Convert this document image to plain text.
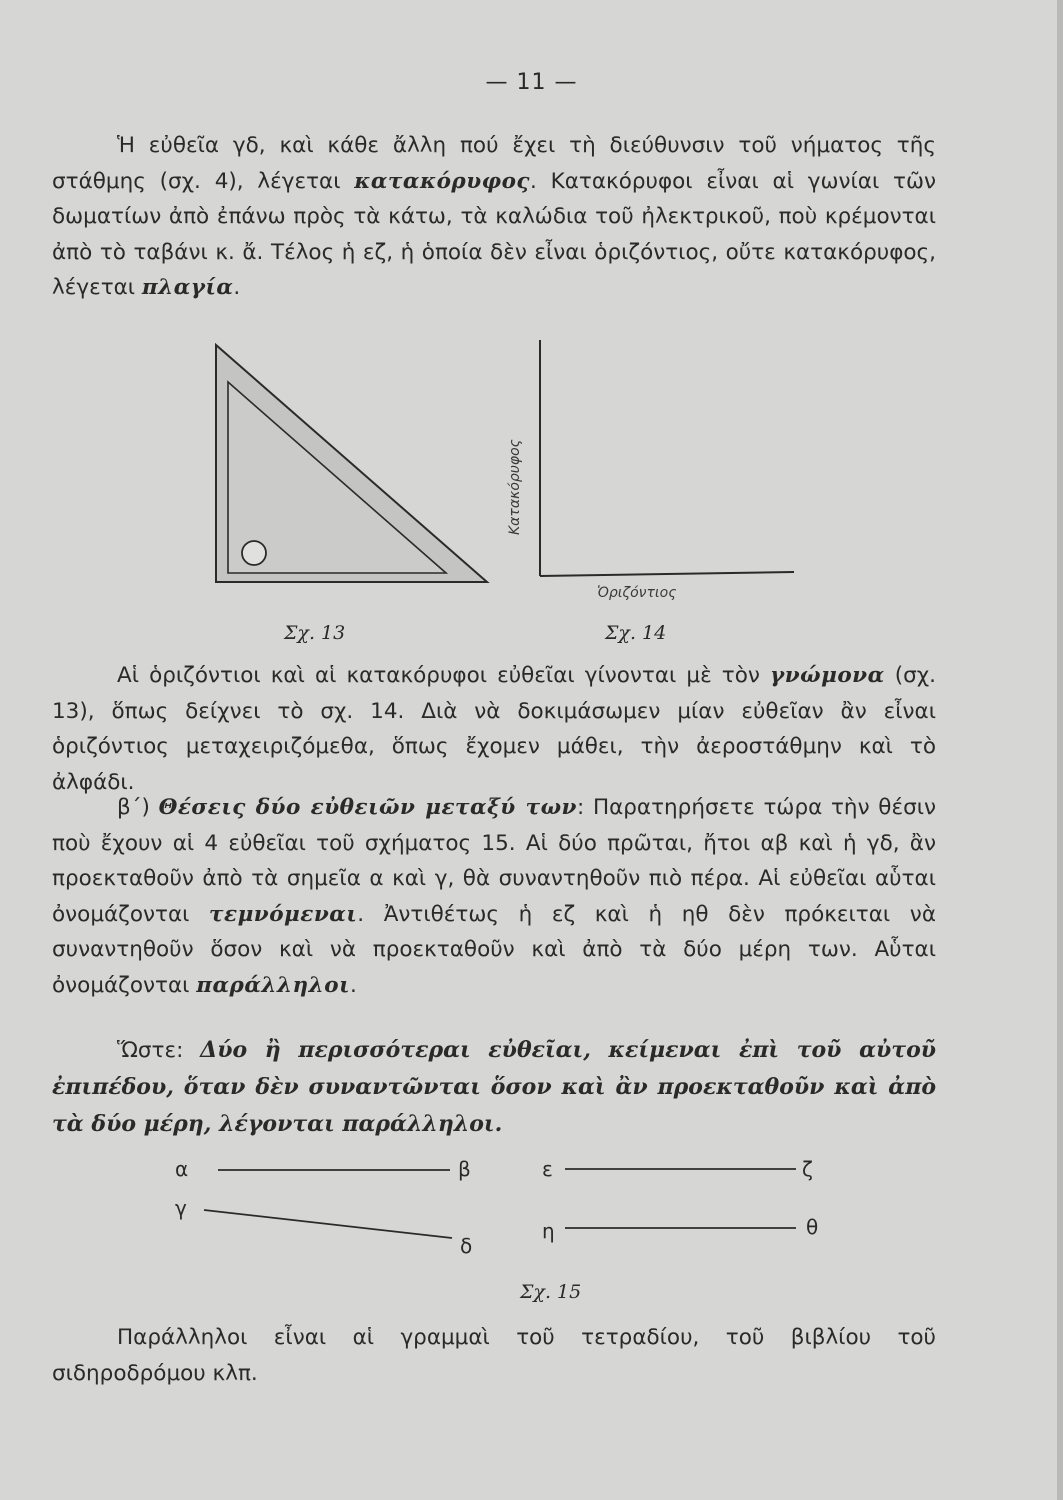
— 11 —

Ἡ εὐθεῖα γδ, καὶ κάθε ἄλλη πού ἔχει τὴ διεύθυνσιν τοῦ νήματος τῆς στάθμης (σχ. 4), λέγεται κατακόρυφος. Κατακόρυφοι εἶναι αἱ γωνίαι τῶν δωματίων ἀπὸ ἐπάνω πρὸς τὰ κάτω, τὰ καλώδια τοῦ ἠλεκτρικοῦ, ποὺ κρέμονται ἀπὸ τὸ ταβάνι κ. ἄ. Τέλος ἡ εζ, ἡ ὁποία δὲν εἶναι ὁριζόντιος, οὔτε κατακόρυφος, λέγεται πλαγία.

Κατακόρυφος
Ὁριζόντιος
α	β
γ
δ
ε	ζ
η	θ
Σχ. 13	Σχ. 14

Αἱ ὁριζόντιοι καὶ αἱ κατακόρυφοι εὐθεῖαι γίνονται μὲ τὸν γνώμονα (σχ. 13), ὅπως δείχνει τὸ σχ. 14. Διὰ νὰ δοκιμάσωμεν μίαν εὐθεῖαν ἂν εἶναι ὁριζόντιος μεταχειριζόμεθα, ὅπως ἔχομεν μάθει, τὴν ἀεροστάθμην καὶ τὸ ἀλφάδι.

β΄) Θέσεις δύο εὐθειῶν μεταξύ των: Παρατηρήσετε τώρα τὴν θέσιν ποὺ ἔχουν αἱ 4 εὐθεῖαι τοῦ σχήματος 15. Αἱ δύο πρῶται, ἤτοι αβ καὶ ἡ γδ, ἂν προεκταθοῦν ἀπὸ τὰ σημεῖα α καὶ γ, θὰ συναντηθοῦν πιὸ πέρα. Αἱ εὐθεῖαι αὗται ὀνομάζονται τεμνόμεναι. Ἀντιθέτως ἡ εζ καὶ ἡ ηθ δὲν πρόκειται νὰ συναντηθοῦν ὅσον καὶ νὰ προεκταθοῦν καὶ ἀπὸ τὰ δύο μέρη των. Αὗται ὀνομάζονται παράλληλοι.

Ὥστε: Δύο ἢ περισσότεραι εὐθεῖαι, κείμεναι ἐπὶ τοῦ αὐτοῦ ἐπιπέδου, ὅταν δὲν συναντῶνται ὅσον καὶ ἂν προεκταθοῦν καὶ ἀπὸ τὰ δύο μέρη, λέγονται παράλληλοι.

Σχ. 15

Παράλληλοι εἶναι αἱ γραμμαὶ τοῦ τετραδίου, τοῦ βιβλίου τοῦ σιδηροδρόμου κλπ.
